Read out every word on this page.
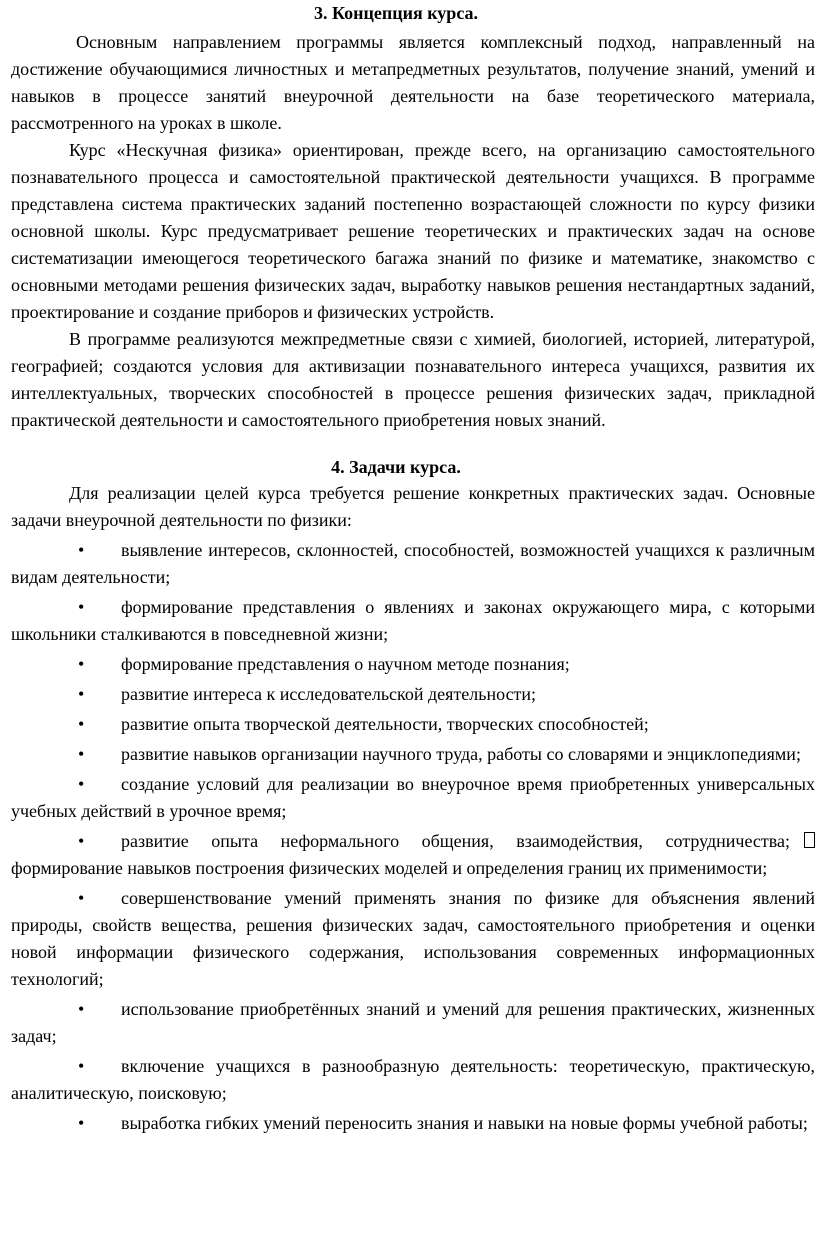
3. Концепция курса.

Основным направлением программы является комплексный подход, направленный на достижение обучающимися личностных и метапредметных результатов, получение знаний, умений и навыков в процессе занятий внеурочной деятельности на базе теоретического материала, рассмотренного на уроках в школе.

Курс «Нескучная физика» ориентирован, прежде всего, на организацию самостоятельного познавательного процесса и самостоятельной практической деятельности учащихся. В программе представлена система практических заданий постепенно возрастающей сложности по курсу физики основной школы. Курс предусматривает решение теоретических и практических задач на основе систематизации имеющегося теоретического багажа знаний по физике и математике, знакомство с основными методами решения физических задач, выработку навыков решения нестандартных заданий, проектирование и создание приборов и физических устройств.

В программе реализуются межпредметные связи с химией, биологией, историей, литературой, географией; создаются условия для активизации познавательного интереса учащихся, развития их интеллектуальных, творческих способностей в процессе решения физических задач, прикладной практической деятельности и самостоятельного приобретения новых знаний.

4. Задачи курса.

Для реализации целей курса требуется решение конкретных практических задач. Основные задачи внеурочной деятельности по физики:

• выявление интересов, склонностей, способностей, возможностей учащихся к различным видам деятельности;
• формирование представления о явлениях и законах окружающего мира, с которыми школьники сталкиваются в повседневной жизни;
• формирование представления о научном методе познания;
• развитие интереса к исследовательской деятельности;
• развитие опыта творческой деятельности, творческих способностей;
• развитие навыков организации научного труда, работы со словарями и энциклопедиями;
• создание условий для реализации во внеурочное время приобретенных универсальных учебных действий в урочное время;
• развитие опыта неформального общения, взаимодействия, сотрудничества; формирование навыков построения физических моделей и определения границ их применимости;
• совершенствование умений применять знания по физике для объяснения явлений природы, свойств вещества, решения физических задач, самостоятельного приобретения и оценки новой информации физического содержания, использования современных информационных технологий;
• использование приобретённых знаний и умений для решения практических, жизненных задач;
• включение учащихся в разнообразную деятельность: теоретическую, практическую, аналитическую, поисковую;
• выработка гибких умений переносить знания и навыки на новые формы учебной работы;
